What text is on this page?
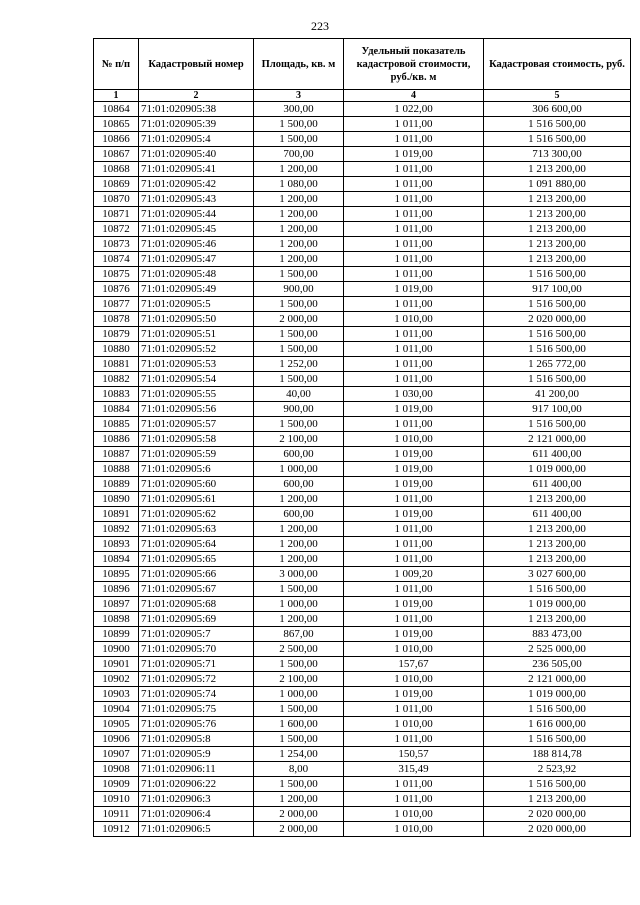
223
№ п/п	Кадастровый номер	Площадь, кв. м	Удельный показатель кадастровой стоимости, руб./кв. м	Кадастровая стоимость, руб.
1	2	3	4	5
10864	71:01:020905:38	300,00	1 022,00	306 600,00
10865	71:01:020905:39	1 500,00	1 011,00	1 516 500,00
10866	71:01:020905:4	1 500,00	1 011,00	1 516 500,00
10867	71:01:020905:40	700,00	1 019,00	713 300,00
10868	71:01:020905:41	1 200,00	1 011,00	1 213 200,00
10869	71:01:020905:42	1 080,00	1 011,00	1 091 880,00
10870	71:01:020905:43	1 200,00	1 011,00	1 213 200,00
10871	71:01:020905:44	1 200,00	1 011,00	1 213 200,00
10872	71:01:020905:45	1 200,00	1 011,00	1 213 200,00
10873	71:01:020905:46	1 200,00	1 011,00	1 213 200,00
10874	71:01:020905:47	1 200,00	1 011,00	1 213 200,00
10875	71:01:020905:48	1 500,00	1 011,00	1 516 500,00
10876	71:01:020905:49	900,00	1 019,00	917 100,00
10877	71:01:020905:5	1 500,00	1 011,00	1 516 500,00
10878	71:01:020905:50	2 000,00	1 010,00	2 020 000,00
10879	71:01:020905:51	1 500,00	1 011,00	1 516 500,00
10880	71:01:020905:52	1 500,00	1 011,00	1 516 500,00
10881	71:01:020905:53	1 252,00	1 011,00	1 265 772,00
10882	71:01:020905:54	1 500,00	1 011,00	1 516 500,00
10883	71:01:020905:55	40,00	1 030,00	41 200,00
10884	71:01:020905:56	900,00	1 019,00	917 100,00
10885	71:01:020905:57	1 500,00	1 011,00	1 516 500,00
10886	71:01:020905:58	2 100,00	1 010,00	2 121 000,00
10887	71:01:020905:59	600,00	1 019,00	611 400,00
10888	71:01:020905:6	1 000,00	1 019,00	1 019 000,00
10889	71:01:020905:60	600,00	1 019,00	611 400,00
10890	71:01:020905:61	1 200,00	1 011,00	1 213 200,00
10891	71:01:020905:62	600,00	1 019,00	611 400,00
10892	71:01:020905:63	1 200,00	1 011,00	1 213 200,00
10893	71:01:020905:64	1 200,00	1 011,00	1 213 200,00
10894	71:01:020905:65	1 200,00	1 011,00	1 213 200,00
10895	71:01:020905:66	3 000,00	1 009,20	3 027 600,00
10896	71:01:020905:67	1 500,00	1 011,00	1 516 500,00
10897	71:01:020905:68	1 000,00	1 019,00	1 019 000,00
10898	71:01:020905:69	1 200,00	1 011,00	1 213 200,00
10899	71:01:020905:7	867,00	1 019,00	883 473,00
10900	71:01:020905:70	2 500,00	1 010,00	2 525 000,00
10901	71:01:020905:71	1 500,00	157,67	236 505,00
10902	71:01:020905:72	2 100,00	1 010,00	2 121 000,00
10903	71:01:020905:74	1 000,00	1 019,00	1 019 000,00
10904	71:01:020905:75	1 500,00	1 011,00	1 516 500,00
10905	71:01:020905:76	1 600,00	1 010,00	1 616 000,00
10906	71:01:020905:8	1 500,00	1 011,00	1 516 500,00
10907	71:01:020905:9	1 254,00	150,57	188 814,78
10908	71:01:020906:11	8,00	315,49	2 523,92
10909	71:01:020906:22	1 500,00	1 011,00	1 516 500,00
10910	71:01:020906:3	1 200,00	1 011,00	1 213 200,00
10911	71:01:020906:4	2 000,00	1 010,00	2 020 000,00
10912	71:01:020906:5	2 000,00	1 010,00	2 020 000,00
